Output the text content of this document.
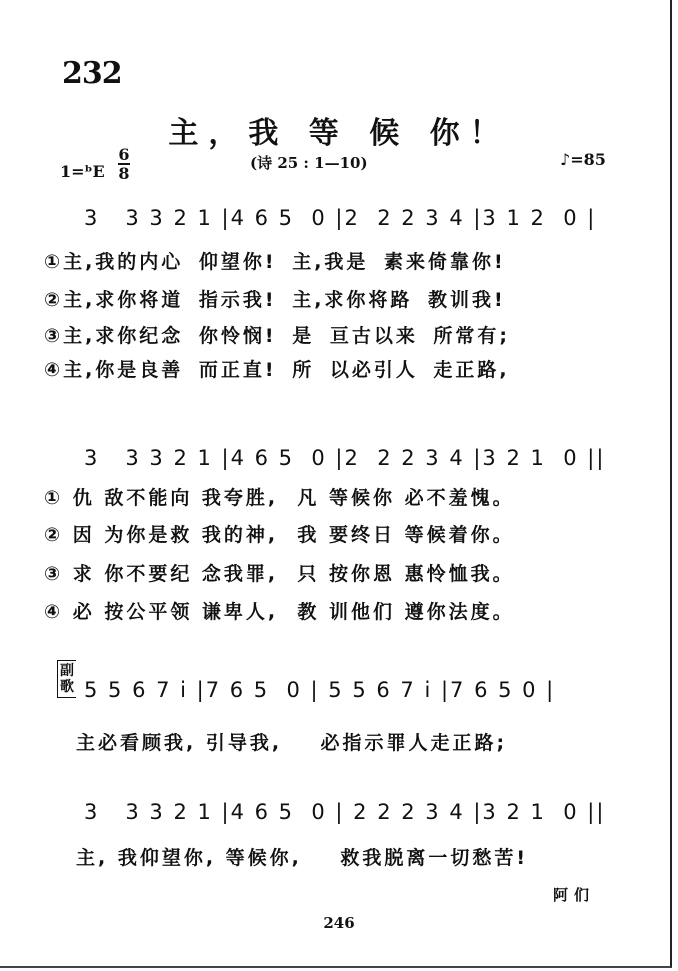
232
主，我 等 候 你！
1=ᵇE
6
8
(诗 25 : 1—10)	♪=85
3   3 3 2 1 |4 6 5  0 |2  2 2 3 4 |3 1 2  0 |
①主,我的内心 仰望你! 主,我是 素来倚靠你!
②主,求你将道 指示我! 主,求你将路 教训我!
③主,求你纪念 你怜悯! 是 亘古以来 所常有;
④主,你是良善 而正直! 所 以必引人 走正路,
3   3 3 2 1 |4 6 5  0 |2  2 2 3 4 |3 2 1  0 ||
① 仇 敌不能向 我夸胜,  凡 等候你 必不羞愧。
② 因 为你是救 我的神,  我 要终日 等候着你。
③ 求 你不要纪 念我罪,  只 按你恩 惠怜恤我。
④ 必 按公平领 谦卑人,  教 训他们 遵你法度。
副歌 5 5 6 7 i |7 6 5  0 | 5 5 6 7 i |7 6 5 0 |
主必看顾我, 引导我,    必指示罪人走正路;
3   3 3 2 1 |4 6 5  0 | 2 2 2 3 4 |3 2 1  0 ||
主, 我仰望你, 等候你,    救我脱离一切愁苦!
阿们
246
